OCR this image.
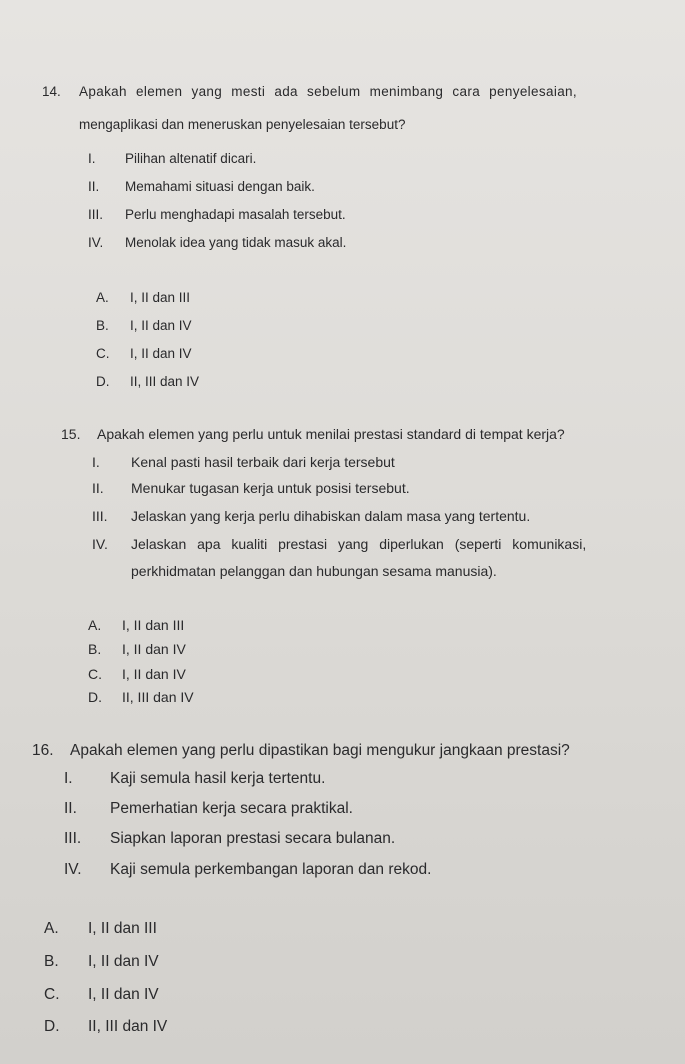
14. Apakah elemen yang mesti ada sebelum menimbang cara penyelesaian,
mengaplikasi dan meneruskan penyelesaian tersebut?
I. Pilihan altenatif dicari.
II. Memahami situasi dengan baik.
III. Perlu menghadapi masalah tersebut.
IV. Menolak idea yang tidak masuk akal.
A. I, II dan III
B. I, II dan IV
C. I, II dan IV
D. II, III dan IV
15. Apakah elemen yang perlu untuk menilai prestasi standard di tempat kerja?
I. Kenal pasti hasil terbaik dari kerja tersebut
II. Menukar tugasan kerja untuk posisi tersebut.
III. Jelaskan yang kerja perlu dihabiskan dalam masa yang tertentu.
IV. Jelaskan apa kualiti prestasi yang diperlukan (seperti komunikasi,
perkhidmatan pelanggan dan hubungan sesama manusia).
A. I, II dan III
B. I, II dan IV
C. I, II dan IV
D. II, III dan IV
16. Apakah elemen yang perlu dipastikan bagi mengukur jangkaan prestasi?
I. Kaji semula hasil kerja tertentu.
II. Pemerhatian kerja secara praktikal.
III. Siapkan laporan prestasi secara bulanan.
IV. Kaji semula perkembangan laporan dan rekod.
A. I, II dan III
B. I, II dan IV
C. I, II dan IV
D. II, III dan IV
